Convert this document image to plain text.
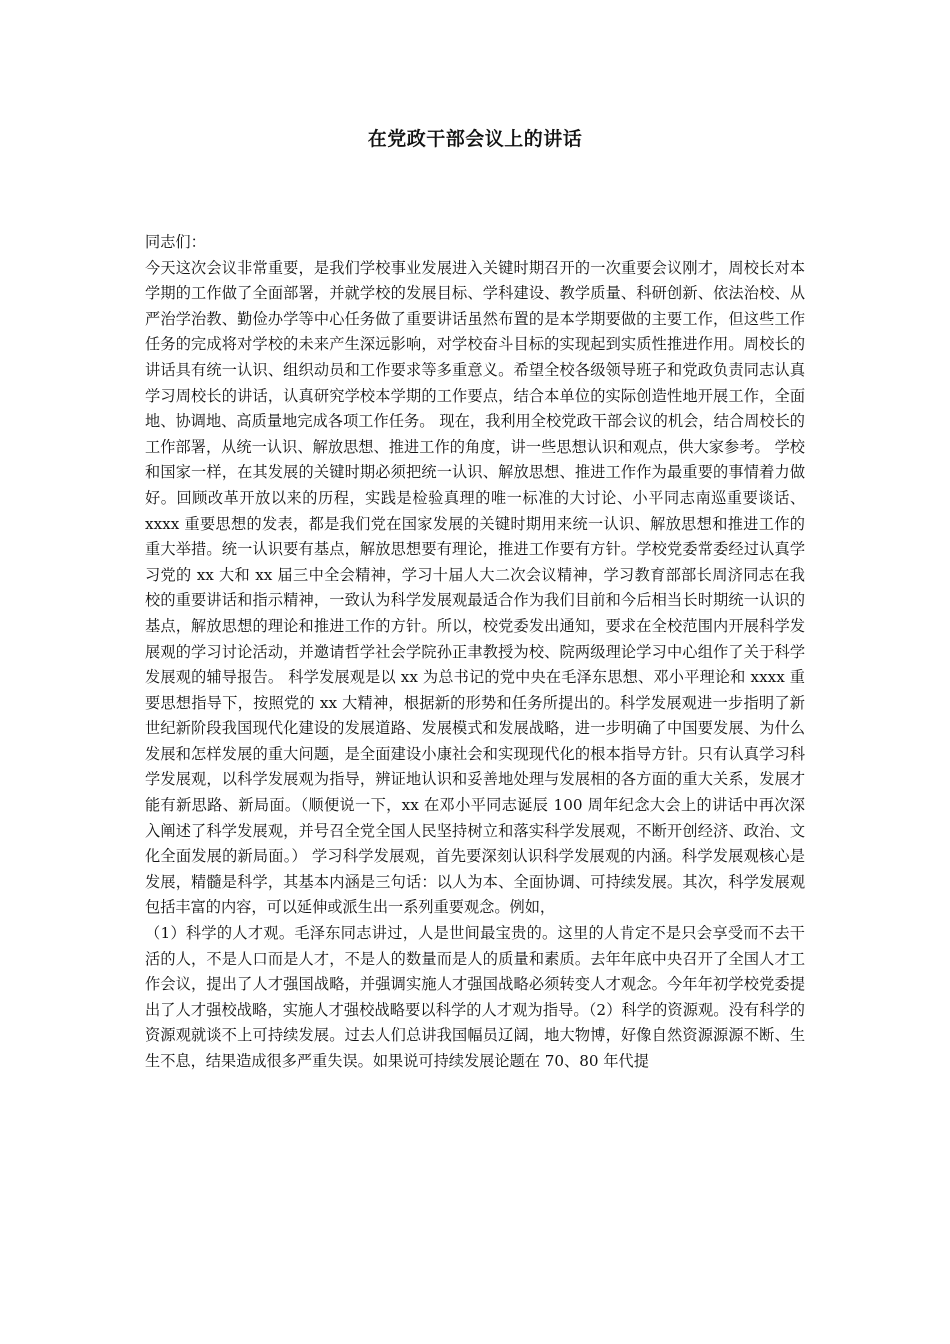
在党政干部会议上的讲话

同志们：

今天这次会议非常重要，是我们学校事业发展进入关键时期召开的一次重要会议刚才，周校长对本学期的工作做了全面部署，并就学校的发展目标、学科建设、教学质量、科研创新、依法治校、从严治学治教、勤俭办学等中心任务做了重要讲话虽然布置的是本学期要做的主要工作，但这些工作任务的完成将对学校的未来产生深远影响，对学校奋斗目标的实现起到实质性推进作用。周校长的讲话具有统一认识、组织动员和工作要求等多重意义。希望全校各级领导班子和党政负责同志认真学习周校长的讲话，认真研究学校本学期的工作要点，结合本单位的实际创造性地开展工作，全面地、协调地、高质量地完成各项工作任务。 现在，我利用全校党政干部会议的机会，结合周校长的工作部署，从统一认识、解放思想、推进工作的角度，讲一些思想认识和观点，供大家参考。 学校和国家一样，在其发展的关键时期必须把统一认识、解放思想、推进工作作为最重要的事情着力做好。回顾改革开放以来的历程，实践是检验真理的唯一标准的大讨论、小平同志南巡重要谈话、xxxx 重要思想的发表，都是我们党在国家发展的关键时期用来统一认识、解放思想和推进工作的重大举措。统一认识要有基点，解放思想要有理论，推进工作要有方针。学校党委常委经过认真学习党的 xx 大和 xx 届三中全会精神，学习十届人大二次会议精神，学习教育部部长周济同志在我校的重要讲话和指示精神，一致认为科学发展观最适合作为我们目前和今后相当长时期统一认识的基点，解放思想的理论和推进工作的方针。所以，校党委发出通知，要求在全校范围内开展科学发展观的学习讨论活动，并邀请哲学社会学院孙正聿教授为校、院两级理论学习中心组作了关于科学发展观的辅导报告。 科学发展观是以 xx 为总书记的党中央在毛泽东思想、邓小平理论和 xxxx 重要思想指导下，按照党的 xx 大精神，根据新的形势和任务所提出的。科学发展观进一步指明了新世纪新阶段我国现代化建设的发展道路、发展模式和发展战略，进一步明确了中国要发展、为什么发展和怎样发展的重大问题，是全面建设小康社会和实现现代化的根本指导方针。只有认真学习科学发展观，以科学发展观为指导，辨证地认识和妥善地处理与发展相的各方面的重大关系，发展才能有新思路、新局面。（顺便说一下，xx 在邓小平同志诞辰 100 周年纪念大会上的讲话中再次深入阐述了科学发展观，并号召全党全国人民坚持树立和落实科学发展观，不断开创经济、政治、文化全面发展的新局面。） 学习科学发展观，首先要深刻认识科学发展观的内涵。科学发展观核心是发展，精髓是科学，其基本内涵是三句话：以人为本、全面协调、可持续发展。其次，科学发展观包括丰富的内容，可以延伸或派生出一系列重要观念。例如，

（1）科学的人才观。毛泽东同志讲过，人是世间最宝贵的。这里的人肯定不是只会享受而不去干活的人，不是人口而是人才，不是人的数量而是人的质量和素质。去年年底中央召开了全国人才工作会议，提出了人才强国战略，并强调实施人才强国战略必须转变人才观念。今年年初学校党委提出了人才强校战略，实施人才强校战略要以科学的人才观为指导。（2）科学的资源观。没有科学的资源观就谈不上可持续发展。过去人们总讲我国幅员辽阔，地大物博，好像自然资源源源不断、生生不息，结果造成很多严重失误。如果说可持续发展论题在 70、80 年代提
